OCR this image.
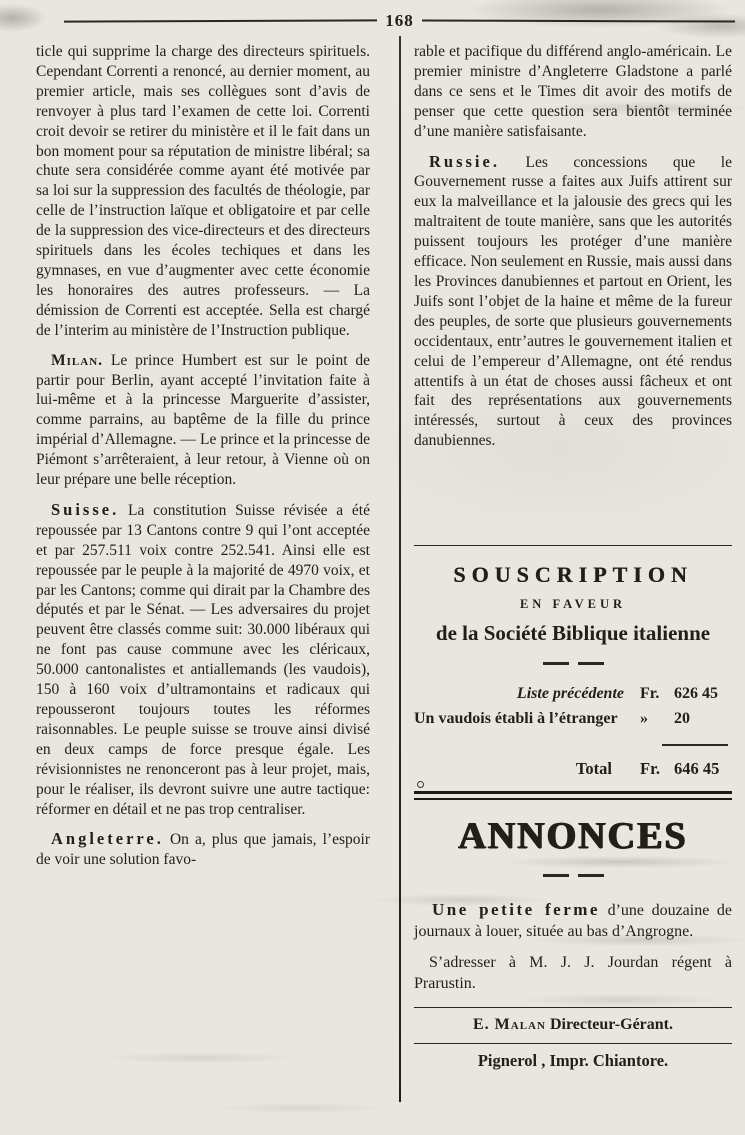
168

ticle qui supprime la charge des directeurs spirituels. Cependant Correnti a renoncé, au dernier moment, au premier article, mais ses collègues sont d’avis de renvoyer à plus tard l’examen de cette loi. Correnti croit devoir se retirer du ministère et il le fait dans un bon moment pour sa réputation de ministre libéral; sa chute sera considérée comme ayant été motivée par sa loi sur la suppression des facultés de théologie, par celle de l’instruction laïque et obligatoire et par celle de la suppression des vice-directeurs et des directeurs spirituels dans les écoles techiques et dans les gymnases, en vue d’augmenter avec cette économie les honoraires des autres professeurs. — La démission de Correnti est acceptée. Sella est chargé de l’interim au ministère de l’Instruction publique.

Milan. Le prince Humbert est sur le point de partir pour Berlin, ayant accepté l’invitation faite à lui-même et à la princesse Marguerite d’assister, comme parrains, au baptême de la fille du prince impérial d’Allemagne. — Le prince et la princesse de Piémont s’arrêteraient, à leur retour, à Vienne où on leur prépare une belle réception.

Suisse. La constitution Suisse révisée a été repoussée par 13 Cantons contre 9 qui l’ont acceptée et par 257.511 voix contre 252.541. Ainsi elle est repoussée par le peuple à la majorité de 4970 voix, et par les Cantons; comme qui dirait par la Chambre des députés et par le Sénat. — Les adversaires du projet peuvent être classés comme suit: 30.000 libéraux qui ne font pas cause commune avec les cléricaux, 50.000 cantonalistes et antiallemands (les vaudois), 150 à 160 voix d’ultramontains et radicaux qui repousseront toujours toutes les réformes raisonnables. Le peuple suisse se trouve ainsi divisé en deux camps de force presque égale. Les révisionnistes ne renonceront pas à leur projet, mais, pour le réaliser, ils devront suivre une autre tactique: réformer en détail et ne pas trop centraliser.

Angleterre. On a, plus que jamais, l’espoir de voir une solution favo-

rable et pacifique du différend anglo-américain. Le premier ministre d’Angleterre Gladstone a parlé dans ce sens et le Times dit avoir des motifs de penser que cette question sera bientôt terminée d’une manière satisfaisante.

Russie. Les concessions que le Gouvernement russe a faites aux Juifs attirent sur eux la malveillance et la jalousie des grecs qui les maltraitent de toute manière, sans que les autorités puissent toujours les protéger d’une manière efficace. Non seulement en Russie, mais aussi dans les Provinces danubiennes et partout en Orient, les Juifs sont l’objet de la haine et même de la fureur des peuples, de sorte que plusieurs gouvernements occidentaux, entr’autres le gouvernement italien et celui de l’empereur d’Allemagne, ont été rendus attentifs à un état de choses aussi fâcheux et ont fait des représentations aux gouvernements intéressés, surtout à ceux des provinces danubiennes.

SOUSCRIPTION
EN FAVEUR
de la Société Biblique italienne
Liste précédente	Fr. 626 45
Un vaudois établi à l’étranger	»	20
Total	Fr. 646 45
ANNONCES

Une petite ferme d’une douzaine de journaux à louer, située au bas d’Angrogne.

S’adresser à M. J. J. Jourdan régent à Prarustin.

E. Malan Directeur-Gérant.
Pignerol , Impr. Chiantore.
